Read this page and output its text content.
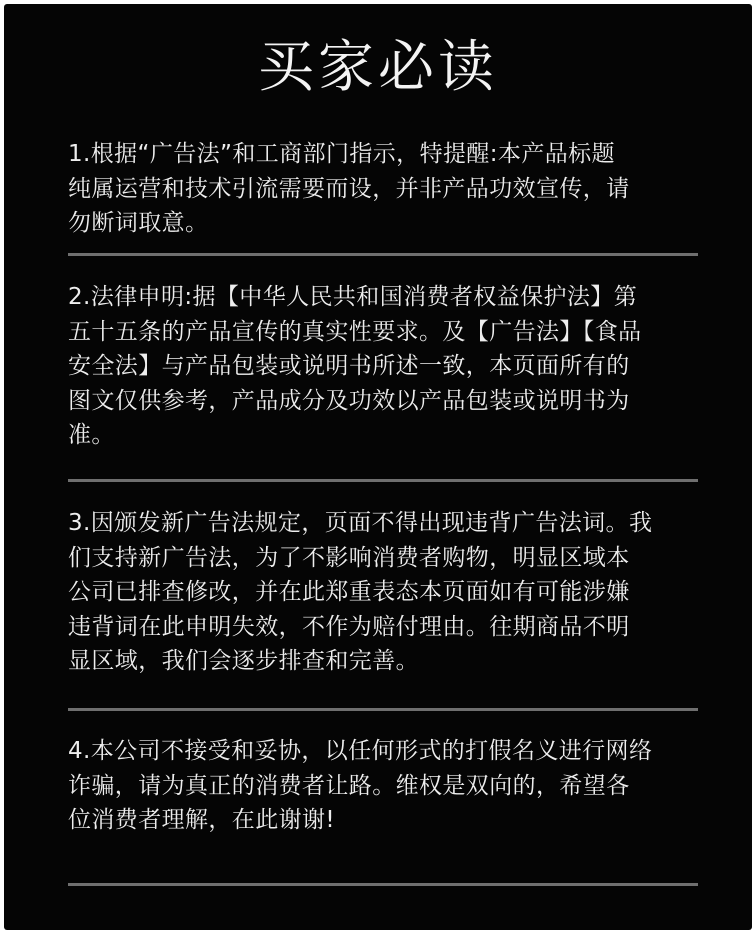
买家必读
1.根据“广告法”和工商部门指示，特提醒:本产品标题
纯属运营和技术引流需要而设，并非产品功效宣传，请
勿断词取意。
2.法律申明:据【中华人民共和国消费者权益保护法】第
五十五条的产品宣传的真实性要求。及【广告法】【食品
安全法】与产品包装或说明书所述一致，本页面所有的
图文仅供参考，产品成分及功效以产品包装或说明书为
准。
3.因颁发新广告法规定，页面不得出现违背广告法词。我
们支持新广告法，为了不影响消费者购物，明显区域本
公司已排查修改，并在此郑重表态本页面如有可能涉嫌
违背词在此申明失效，不作为赔付理由。往期商品不明
显区域，我们会逐步排查和完善。
4.本公司不接受和妥协，以任何形式的打假名义进行网络
诈骗，请为真正的消费者让路。维权是双向的，希望各
位消费者理解，在此谢谢!
